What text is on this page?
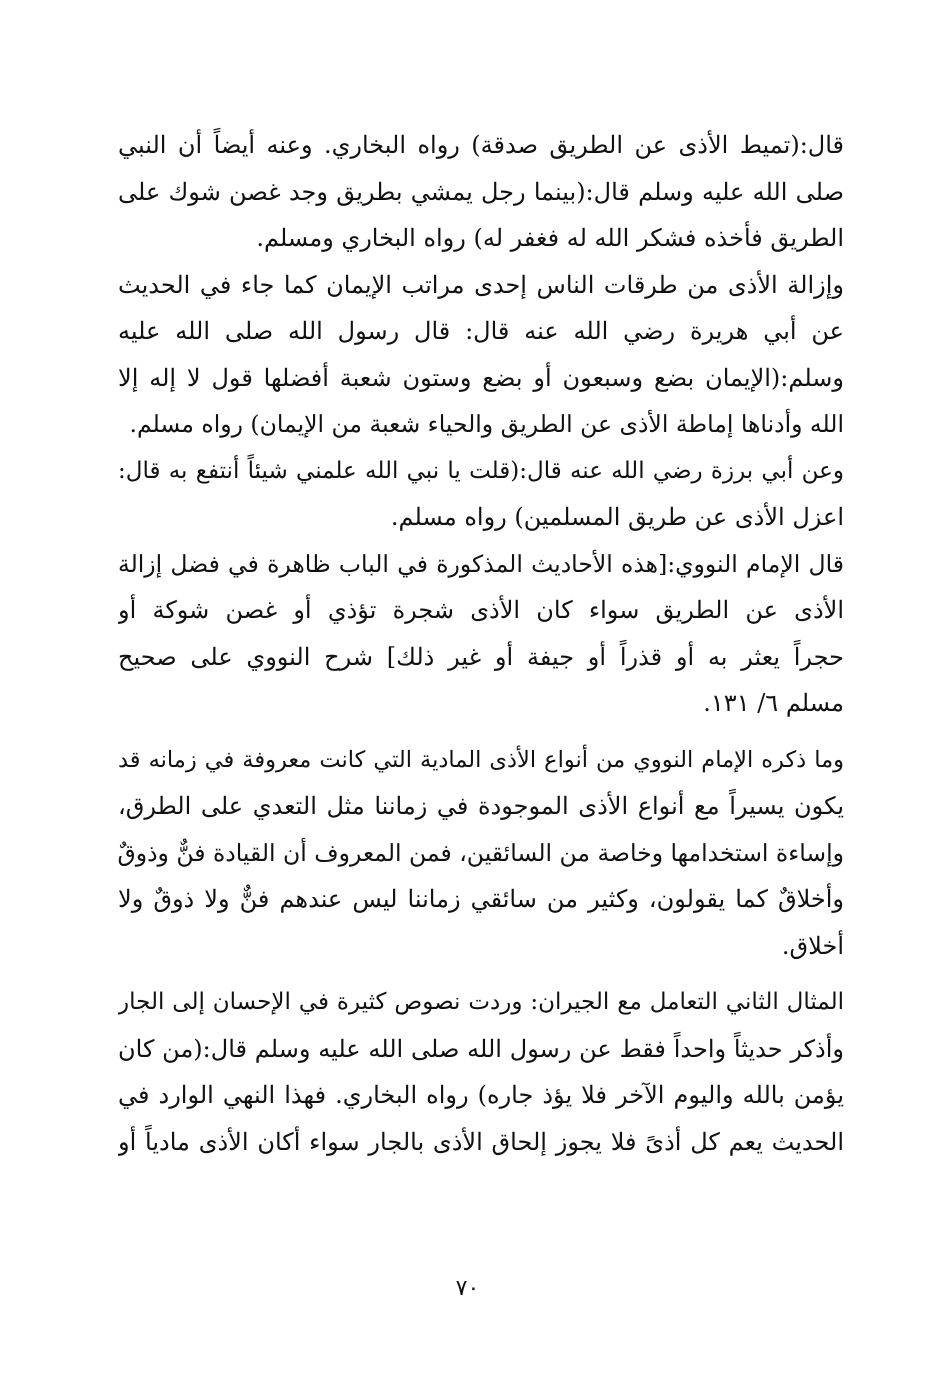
قال:(تميط الأذى عن الطريق صدقة) رواه البخاري. وعنه أيضاً أن النبي
صلى الله عليه وسلم قال:(بينما رجل يمشي بطريق وجد غصن شوك على
الطريق فأخذه فشكر الله له فغفر له) رواه البخاري ومسلم.
وإزالة الأذى من طرقات الناس إحدى مراتب الإيمان كما جاء في الحديث
عن أبي هريرة رضي الله عنه قال: قال رسول الله صلى الله عليه
وسلم:(الإيمان بضع وسبعون أو بضع وستون شعبة أفضلها قول لا إله إلا
الله وأدناها إماطة الأذى عن الطريق والحياء شعبة من الإيمان) رواه مسلم.
وعن أبي برزة رضي الله عنه قال:(قلت يا نبي الله علمني شيئاً أنتفع به قال:
اعزل الأذى عن طريق المسلمين) رواه مسلم.
قال الإمام النووي:[هذه الأحاديث المذكورة في الباب ظاهرة في فضل إزالة
الأذى عن الطريق سواء كان الأذى شجرة تؤذي أو غصن شوكة أو
حجراً يعثر به أو قذراً أو جيفة أو غير ذلك] شرح النووي على صحيح
مسلم ٦/ ١٣١.
وما ذكره الإمام النووي من أنواع الأذى المادية التي كانت معروفة في زمانه قد
يكون يسيراً مع أنواع الأذى الموجودة في زماننا مثل التعدي على الطرق،
وإساءة استخدامها وخاصة من السائقين، فمن المعروف أن القيادة فنٌّ وذوقٌ
وأخلاقٌ كما يقولون، وكثير من سائقي زماننا ليس عندهم فنٌّ ولا ذوقٌ ولا
أخلاق.
المثال الثاني التعامل مع الجيران: وردت نصوص كثيرة في الإحسان إلى الجار
وأذكر حديثاً واحداً فقط عن رسول الله صلى الله عليه وسلم قال:(من كان
يؤمن بالله واليوم الآخر فلا يؤذ جاره) رواه البخاري. فهذا النهي الوارد في
الحديث يعم كل أذىً فلا يجوز إلحاق الأذى بالجار سواء أكان الأذى مادياً أو
٧٠
